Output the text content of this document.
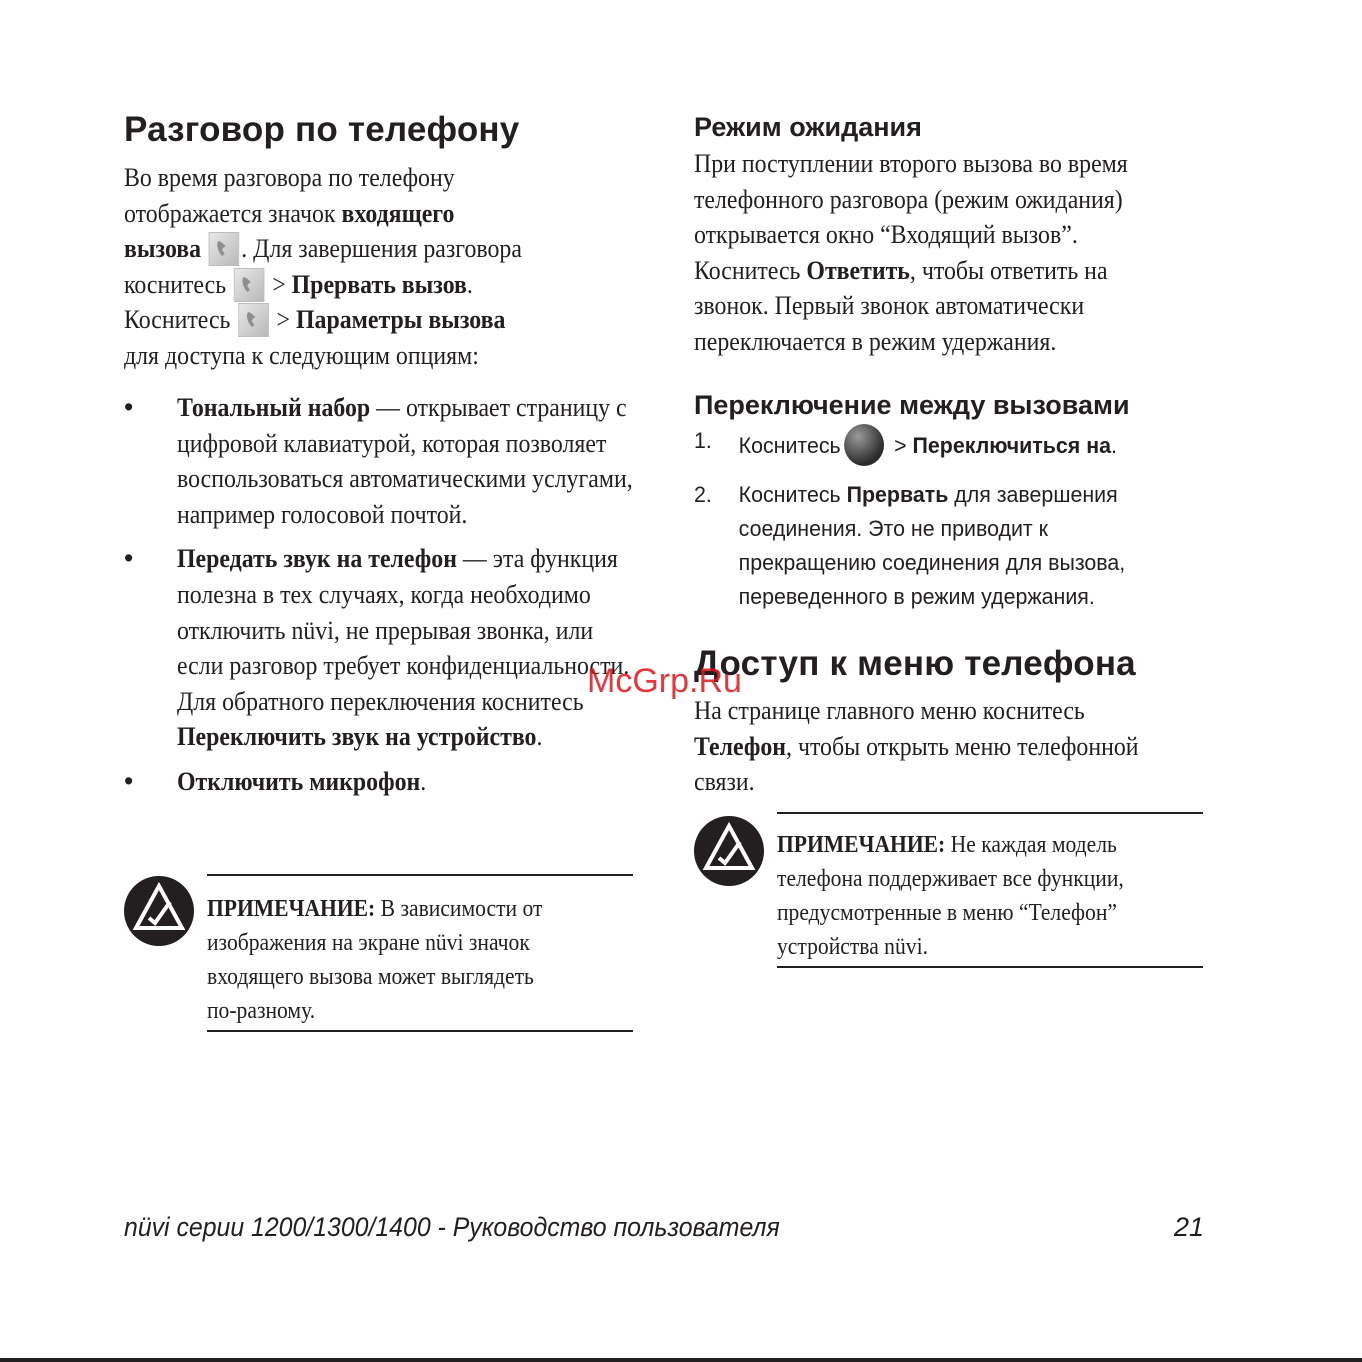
Разговор по телефону

Во время разговора по телефону

отображается значок входящего

вызова . Для завершения разговора

коснитесь
> Прервать вызов.

Коснитесь
> Параметры вызова

для доступа к следующим опциям:

• Тональный набор — открывает страницу с цифровой клавиатурой, которая позволяет воспользоваться автоматическими услугами, например голосовой почтой.
• Передать звук на телефон — эта функция полезна в тех случаях, когда необходимо отключить nüvi, не прерывая звонка, или если разговор требует конфиденциальности. Для обратного переключения коснитесь Переключить звук на устройство.
• Отключить микрофон.
ПРИМЕЧАНИЕ: В зависимости от
изображения на экране nüvi значок
входящего вызова может выглядеть
по-разному.
Режим ожидания

При поступлении второго вызова во время

телефонного разговора (режим ожидания)

открывается окно “Входящий вызов”.

Коснитесь Ответить, чтобы ответить на

звонок. Первый звонок автоматически

переключается в режим удержания.

Переключение между вызовами
1. Коснитесь > Переключиться на.
2. Коснитесь Прервать для завершения
соединения. Это не приводит к
прекращению соединения для вызова,
переведенного в режим удержания.
Доступ к меню телефона

На странице главного меню коснитесь

Телефон, чтобы открыть меню телефонной

связи.

ПРИМЕЧАНИЕ: Не каждая модель
телефона поддерживает все функции,
предусмотренные в меню “Телефон”
устройства nüvi.
McGrp.Ru
nüvi серии 1200/1300/1400 - Руководство пользователя	21
